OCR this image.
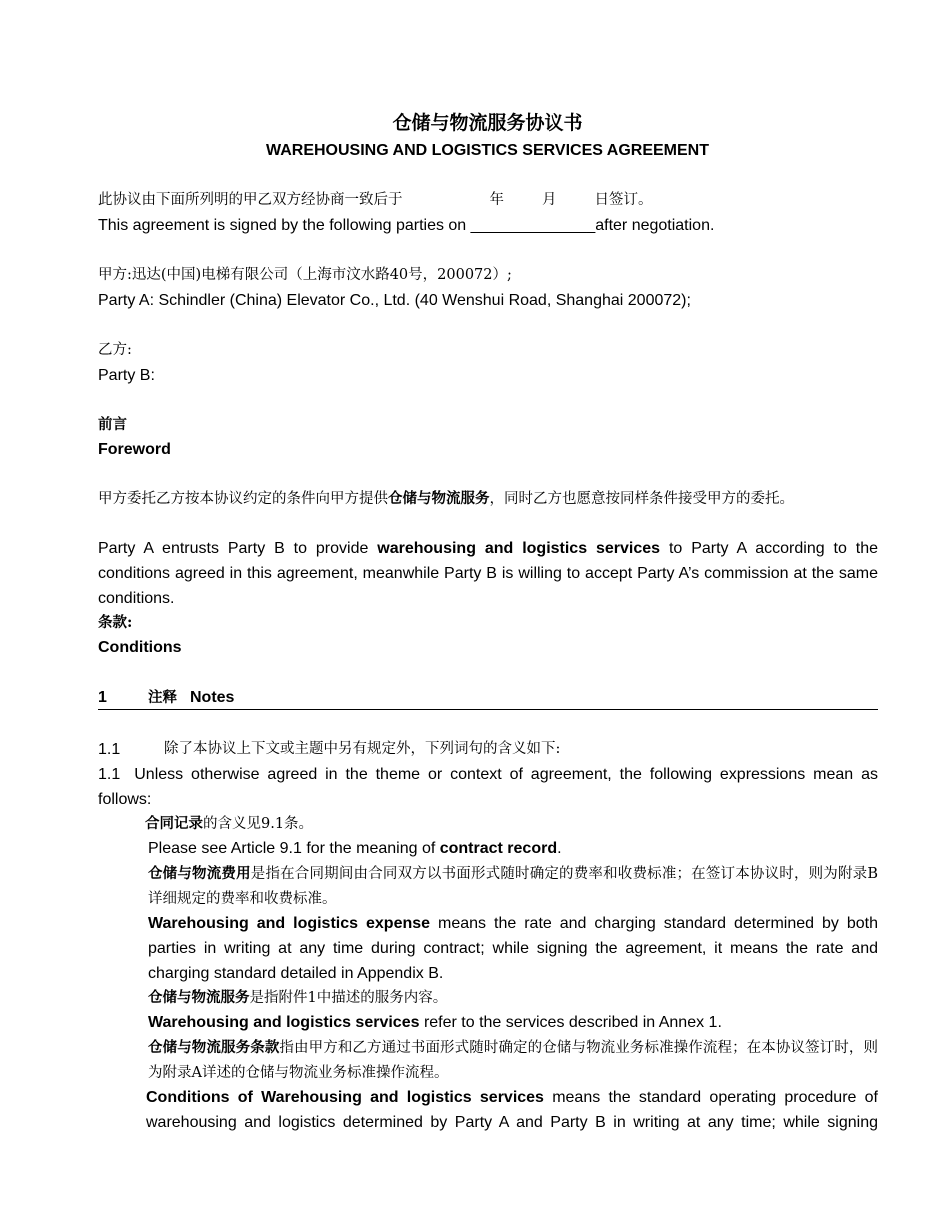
仓储与物流服务协议书
WAREHOUSING AND LOGISTICS SERVICES AGREEMENT
此协议由下面所列明的甲乙双方经协商一致后于	年	月	日签订。
This agreement is signed by the following parties on ______________after negotiation.
甲方:迅达(中国)电梯有限公司（上海市汶水路40号，200072）;
Party A: Schindler (China) Elevator Co., Ltd. (40 Wenshui Road, Shanghai 200072);
乙方:
Party B:
前言
Foreword
甲方委托乙方按本协议约定的条件向甲方提供仓储与物流服务，同时乙方也愿意按同样条件接受甲方的委托。
Party A entrusts Party B to provide warehousing and logistics services to Party A according to the conditions agreed in this agreement, meanwhile Party B is willing to accept Party A’s commission at the same conditions.
条款:
Conditions
1	注释 Notes
1.1	除了本协议上下文或主题中另有规定外，下列词句的含义如下:
1.1 Unless otherwise agreed in the theme or context of agreement, the following expressions mean as follows:
合同记录的含义见9.1条。
Please see Article 9.1 for the meaning of contract record.
仓储与物流费用是指在合同期间由合同双方以书面形式随时确定的费率和收费标准；在签订本协议时，则为附录B详细规定的费率和收费标准。
Warehousing and logistics expense means the rate and charging standard determined by both parties in writing at any time during contract; while signing the agreement, it means the rate and charging standard detailed in Appendix B.
仓储与物流服务是指附件1中描述的服务内容。
Warehousing and logistics services refer to the services described in Annex 1.
仓储与物流服务条款指由甲方和乙方通过书面形式随时确定的仓储与物流业务标准操作流程；在本协议签订时，则为附录A详述的仓储与物流业务标准操作流程。
Conditions of Warehousing and logistics services means the standard operating procedure of warehousing and logistics determined by Party A and Party B in writing at any time; while signing
